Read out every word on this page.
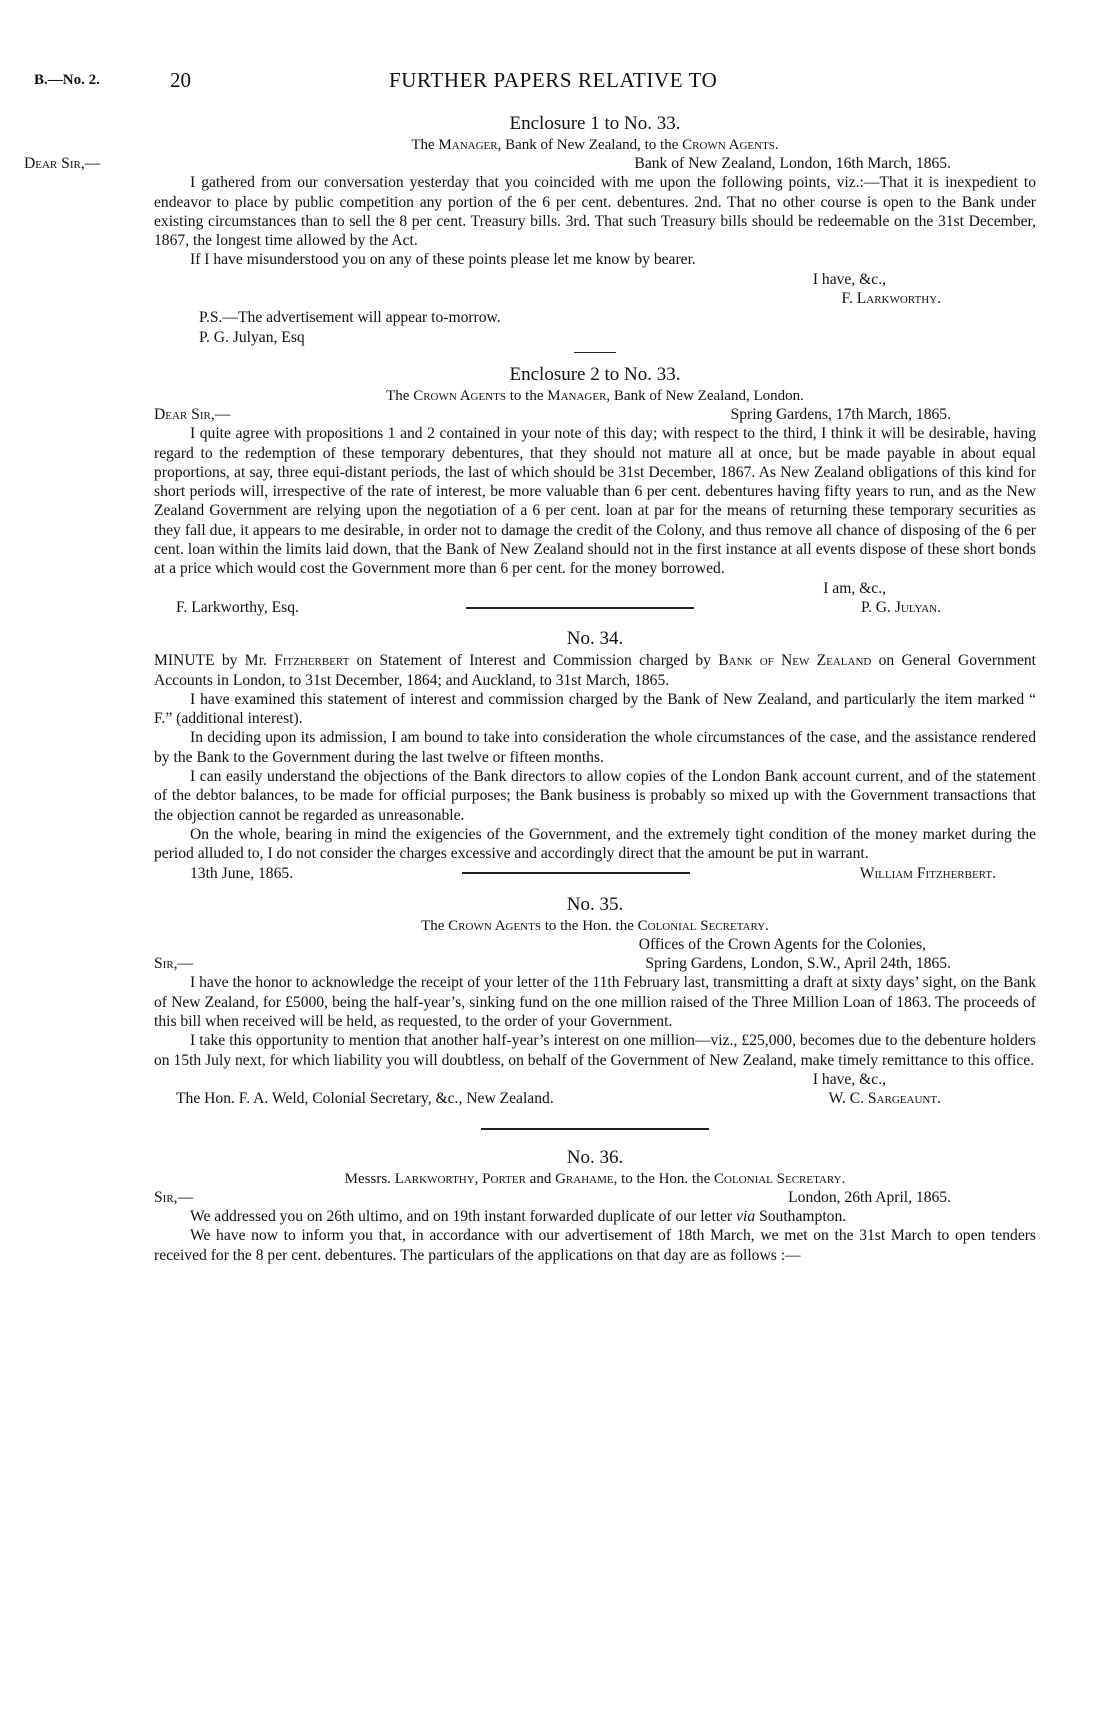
B.—No. 2.	20	FURTHER PAPERS RELATIVE TO
Enclosure 1 to No. 33.
The Manager, Bank of New Zealand, to the Crown Agents.
Dear Sir,—	Bank of New Zealand, London, 16th March, 1865.

I gathered from our conversation yesterday that you coincided with me upon the following points, viz.:—That it is inexpedient to endeavor to place by public competition any portion of the 6 per cent. debentures. 2nd. That no other course is open to the Bank under existing circumstances than to sell the 8 per cent. Treasury bills. 3rd. That such Treasury bills should be redeemable on the 31st December, 1867, the longest time allowed by the Act.

If I have misunderstood you on any of these points please let me know by bearer.

I have, &c.,

F. Larkworthy.

P.S.—The advertisement will appear to-morrow.

P. G. Julyan, Esq

Enclosure 2 to No. 33.
The Crown Agents to the Manager, Bank of New Zealand, London.
Dear Sir,—	Spring Gardens, 17th March, 1865.

I quite agree with propositions 1 and 2 contained in your note of this day; with respect to the third, I think it will be desirable, having regard to the redemption of these temporary debentures, that they should not mature all at once, but be made payable in about equal proportions, at say, three equi-distant periods, the last of which should be 31st December, 1867. As New Zealand obligations of this kind for short periods will, irrespective of the rate of interest, be more valuable than 6 per cent. debentures having fifty years to run, and as the New Zealand Government are relying upon the negotiation of a 6 per cent. loan at par for the means of returning these temporary securities as they fall due, it appears to me desirable, in order not to damage the credit of the Colony, and thus remove all chance of disposing of the 6 per cent. loan within the limits laid down, that the Bank of New Zealand should not in the first instance at all events dispose of these short bonds at a price which would cost the Government more than 6 per cent. for the money borrowed.

I am, &c.,

F. Larkworthy, Esq.	P. G. Julyan.
No. 34.

MINUTE by Mr. Fitzherbert on Statement of Interest and Commission charged by Bank of New Zealand on General Government Accounts in London, to 31st December, 1864; and Auckland, to 31st March, 1865.

I have examined this statement of interest and commission charged by the Bank of New Zealand, and particularly the item marked “ F.” (additional interest).

In deciding upon its admission, I am bound to take into consideration the whole circumstances of the case, and the assistance rendered by the Bank to the Government during the last twelve or fifteen months.

I can easily understand the objections of the Bank directors to allow copies of the London Bank account current, and of the statement of the debtor balances, to be made for official purposes; the Bank business is probably so mixed up with the Government transactions that the objection cannot be regarded as unreasonable.

On the whole, bearing in mind the exigencies of the Government, and the extremely tight condition of the money market during the period alluded to, I do not consider the charges excessive and accordingly direct that the amount be put in warrant.

13th June, 1865.	William Fitzherbert.
No. 35.
The Crown Agents to the Hon. the Colonial Secretary.

Offices of the Crown Agents for the Colonies,

Sir,—	Spring Gardens, London, S.W., April 24th, 1865.

I have the honor to acknowledge the receipt of your letter of the 11th February last, transmitting a draft at sixty days’ sight, on the Bank of New Zealand, for £5000, being the half-year’s, sinking fund on the one million raised of the Three Million Loan of 1863. The proceeds of this bill when received will be held, as requested, to the order of your Government.

I take this opportunity to mention that another half-year’s interest on one million—viz., £25,000, becomes due to the debenture holders on 15th July next, for which liability you will doubtless, on behalf of the Government of New Zealand, make timely remittance to this office.

I have, &c.,

The Hon. F. A. Weld, Colonial Secretary, &c., New Zealand.	W. C. Sargeaunt.
No. 36.
Messrs. Larkworthy, Porter and Grahame, to the Hon. the Colonial Secretary.
Sir,—	London, 26th April, 1865.

We addressed you on 26th ultimo, and on 19th instant forwarded duplicate of our letter via Southampton.

We have now to inform you that, in accordance with our advertisement of 18th March, we met on the 31st March to open tenders received for the 8 per cent. debentures. The particulars of the applications on that day are as follows :—
